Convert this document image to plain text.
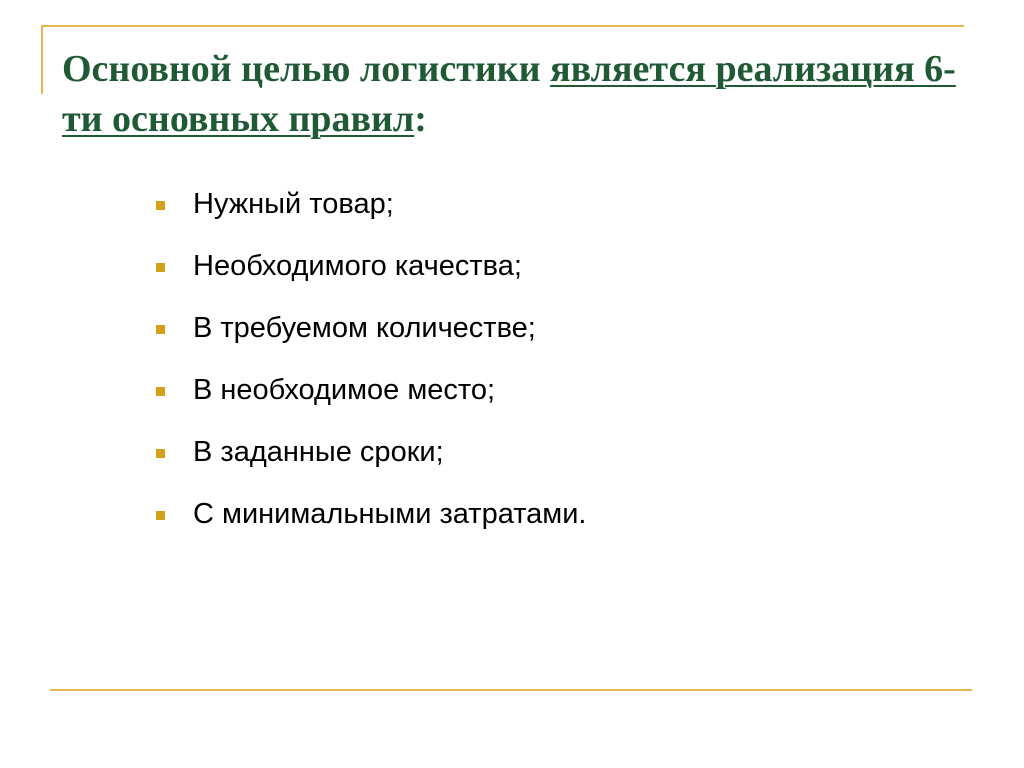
Основной целью логистики является реализация 6-ти основных правил:
Нужный товар;
Необходимого качества;
В требуемом количестве;
В необходимое место;
В заданные сроки;
С минимальными затратами.
